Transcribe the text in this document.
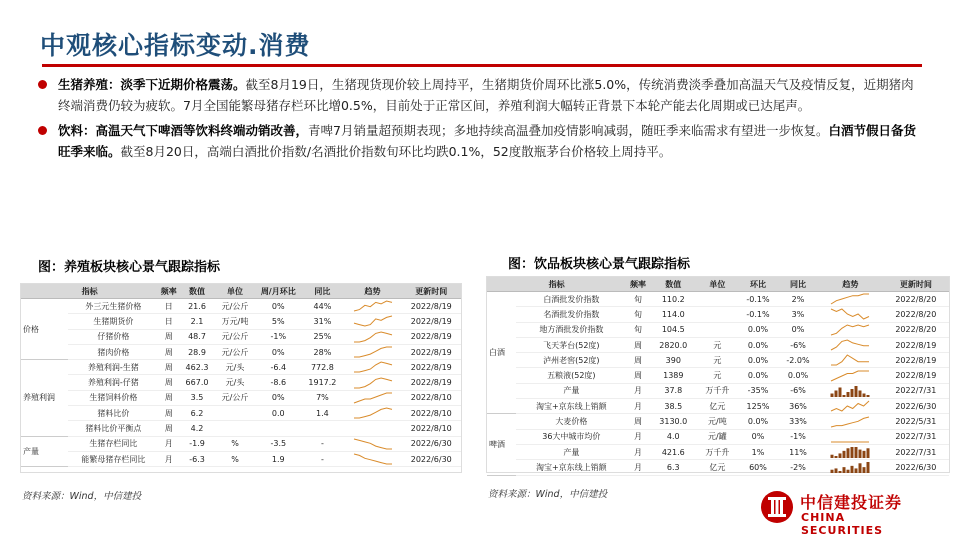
中观核心指标变动.消费
生猪养殖：淡季下近期价格震荡。截至8月19日，生猪现货现价较上周持平，生猪期货价周环比涨5.0%，传统消费淡季叠加高温天气及疫情反复，近期猪肉终端消费仍较为疲软。7月全国能繁母猪存栏环比增0.5%，目前处于正常区间，养殖利润大幅转正背景下本轮产能去化周期或已达尾声。
饮料：高温天气下啤酒等饮料终端动销改善，青啤7月销量超预期表现；多地持续高温叠加疫情影响减弱，随旺季来临需求有望进一步恢复。白酒节假日备货旺季来临。截至8月20日，高端白酒批价指数/名酒批价指数旬环比均跌0.1%，52度散瓶茅台价格较上周持平。
图：养殖板块核心景气跟踪指标
指标		频率	数值	单位	周/月环比	同比	趋势	更新时间
价格	外三元生猪价格	日	21.6	元/公斤	0%	44%		2022/8/19
	生猪期货价	日	2.1	万元/吨	5%	31%		2022/8/19
	仔猪价格	周	48.7	元/公斤	-1%	25%		2022/8/19
	猪肉价格	周	28.9	元/公斤	0%	28%		2022/8/19
养殖利润	养殖利润-生猪	周	462.3	元/头	-6.4	772.8		2022/8/19
	养殖利润-仔猪	周	667.0	元/头	-8.6	1917.2		2022/8/19
	生猪饲料价格	周	3.5	元/公斤	0%	7%		2022/8/10
	猪料比价	周	6.2		0.0	1.4		2022/8/10
	猪料比价平衡点	周	4.2					2022/8/10
产量	生猪存栏同比	月	-1.9	%	-3.5	-		2022/6/30
	能繁母猪存栏同比	月	-6.3	%	1.9	-		2022/6/30
资料来源：Wind，中信建投
图：饮品板块核心景气跟踪指标
指标		频率	数值	单位	环比	同比	趋势	更新时间
白酒	白酒批发价指数	旬	110.2		-0.1%	2%		2022/8/20
	名酒批发价指数	旬	114.0		-0.1%	3%		2022/8/20
	地方酒批发价指数	旬	104.5		0.0%	0%		2022/8/20
	飞天茅台(52度)	周	2820.0	元	0.0%	-6%		2022/8/19
	泸州老窖(52度)	周	390	元	0.0%	-2.0%		2022/8/19
	五粮液(52度)	周	1389	元	0.0%	0.0%		2022/8/19
	产量	月	37.8	万千升	-35%	-6%		2022/7/31
	淘宝+京东线上销额	月	38.5	亿元	125%	36%		2022/6/30
啤酒	大麦价格	周	3130.0	元/吨	0.0%	33%		2022/5/31
	36大中城市均价	月	4.0	元/罐	0%	-1%		2022/7/31
	产量	月	421.6	万千升	1%	11%		2022/7/31
	淘宝+京东线上销额	月	6.3	亿元	60%	-2%		2022/6/30
资料来源：Wind，中信建投	中信建投证券
CHINA SECURITIES
